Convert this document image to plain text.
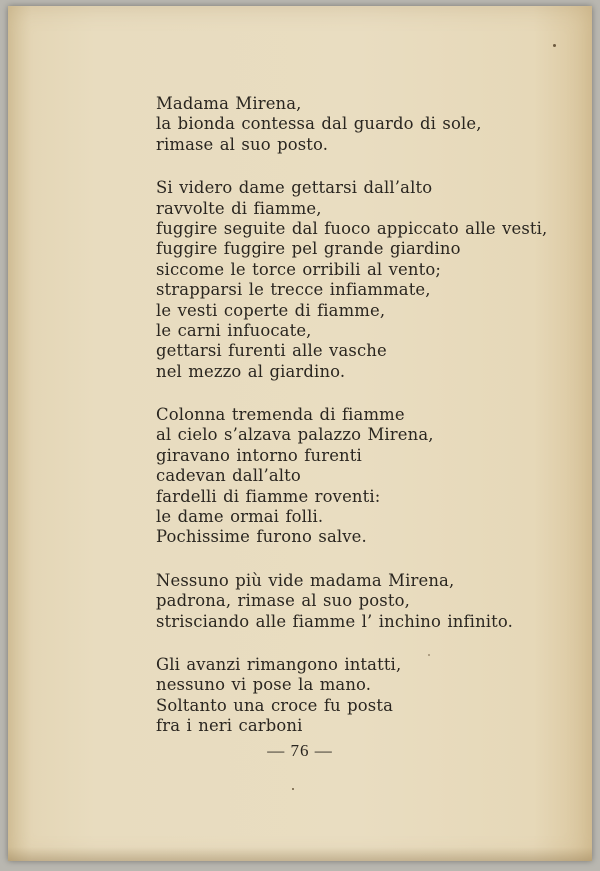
Madama Mirena,
la bionda contessa dal guardo di sole,
rimase al suo posto.
Si videro dame gettarsi dall’alto
ravvolte di fiamme,
fuggire seguite dal fuoco appiccato alle vesti,
fuggire fuggire pel grande giardino
siccome le torce orribili al vento;
strapparsi le trecce infiammate,
le vesti coperte di fiamme,
le carni infuocate,
gettarsi furenti alle vasche
nel mezzo al giardino.
Colonna tremenda di fiamme
al cielo s’alzava palazzo Mirena,
giravano intorno furenti
cadevan dall’alto
fardelli di fiamme roventi:
le dame ormai folli.
Pochissime furono salve.
Nessuno più vide madama Mirena,
padrona, rimase al suo posto,
strisciando alle fiamme l’ inchino infinito.
Gli avanzi rimangono intatti,
nessuno vi pose la mano.
Soltanto una croce fu posta
fra i neri carboni
— 76 —
